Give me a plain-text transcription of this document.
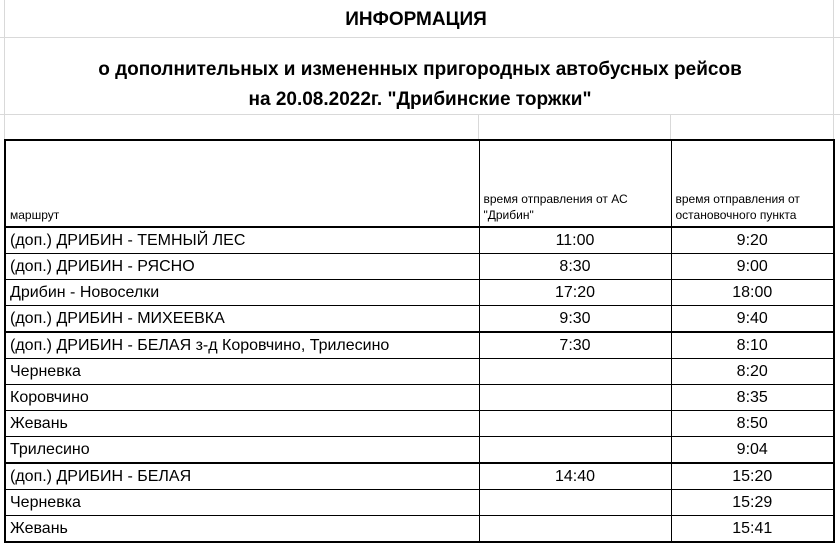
ИНФОРМАЦИЯ
о дополнительных и измененных пригородных автобусных рейсов
на 20.08.2022г. "Дрибинские торжки"
маршрут	время отправления от АС "Дрибин"	время отправления от остановочного пункта
(доп.) ДРИБИН - ТЕМНЫЙ ЛЕС	11:00	9:20
(доп.) ДРИБИН - РЯСНО	8:30	9:00
Дрибин - Новоселки	17:20	18:00
(доп.) ДРИБИН - МИХЕЕВКА	9:30	9:40
(доп.) ДРИБИН - БЕЛАЯ з-д Коровчино, Трилесино	7:30	8:10
Черневка		8:20
Коровчино		8:35
Жевань		8:50
Трилесино		9:04
(доп.) ДРИБИН - БЕЛАЯ	14:40	15:20
Черневка		15:29
Жевань		15:41
